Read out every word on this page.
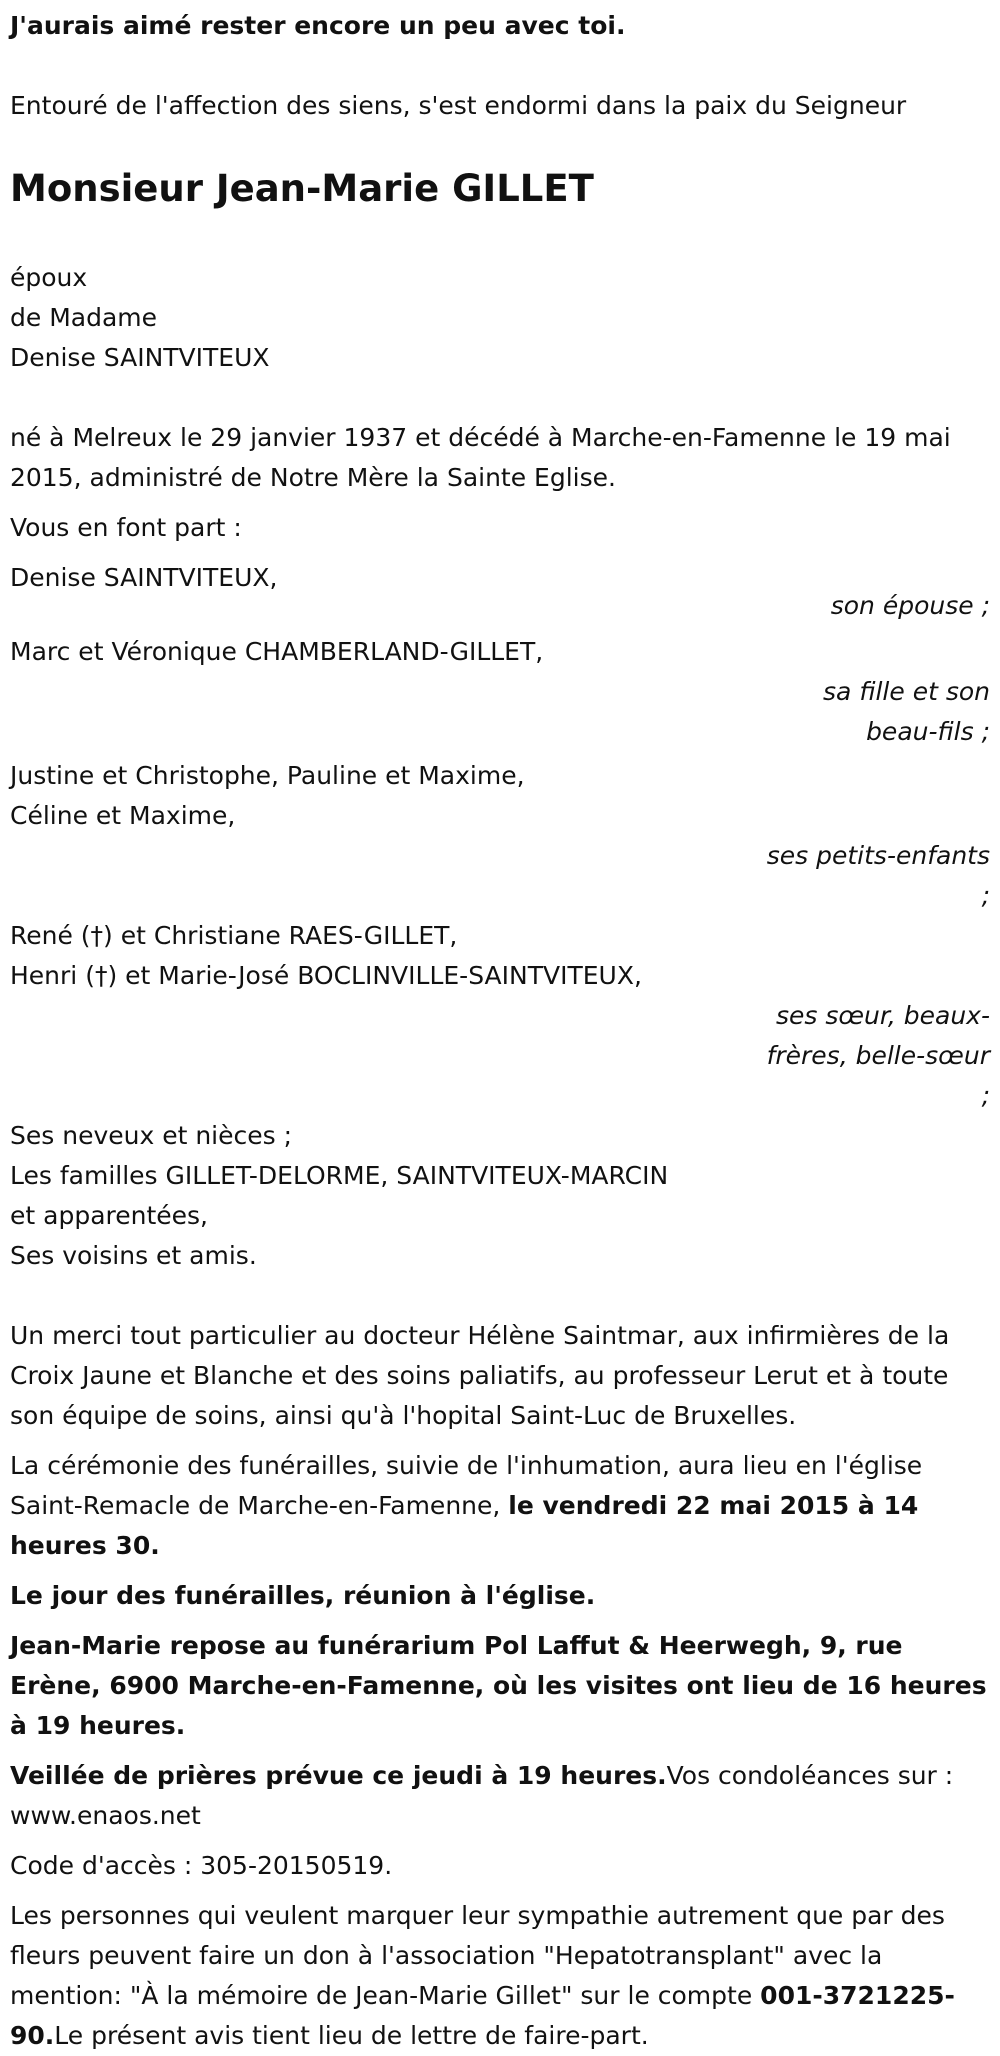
J'aurais aimé rester encore un peu avec toi.

Entouré de l'affection des siens, s'est endormi dans la paix du Seigneur

Monsieur Jean-Marie GILLET

époux
de Madame
Denise SAINTVITEUX

né à Melreux le 29 janvier 1937 et décédé à Marche-en-Famenne le 19 mai 2015, administré de Notre Mère la Sainte Eglise.

Vous en font part :

Denise SAINTVITEUX,
son épouse ;
Marc et Véronique CHAMBERLAND-GILLET,
sa fille et son beau-fils ;
Justine et Christophe, Pauline et Maxime,
Céline et Maxime,
ses petits-enfants ;
René (†) et Christiane RAES-GILLET,
Henri (†) et Marie-José BOCLINVILLE-SAINTVITEUX,
ses sœur, beaux-frères, belle-sœur ;
Ses neveux et nièces ;
Les familles GILLET-DELORME, SAINTVITEUX-MARCIN
et apparentées,
Ses voisins et amis.

Un merci tout particulier au docteur Hélène Saintmar, aux infirmières de la Croix Jaune et Blanche et des soins paliatifs, au professeur Lerut et à toute son équipe de soins, ainsi qu'à l'hopital Saint-Luc de Bruxelles.

La cérémonie des funérailles, suivie de l'inhumation, aura lieu en l'église Saint-Remacle de Marche-en-Famenne, le vendredi 22 mai 2015 à 14 heures 30.

Le jour des funérailles, réunion à l'église.

Jean-Marie repose au funérarium Pol Laffut & Heerwegh, 9, rue Erène, 6900 Marche-en-Famenne, où les visites ont lieu de 16 heures à 19 heures.

Veillée de prières prévue ce jeudi à 19 heures.Vos condoléances sur : www.enaos.net

Code d'accès : 305-20150519.

Les personnes qui veulent marquer leur sympathie autrement que par des fleurs peuvent faire un don à l'association "Hepatotransplant" avec la mention: "À la mémoire de Jean-Marie Gillet" sur le compte 001-3721225-90.Le présent avis tient lieu de lettre de faire-part.
